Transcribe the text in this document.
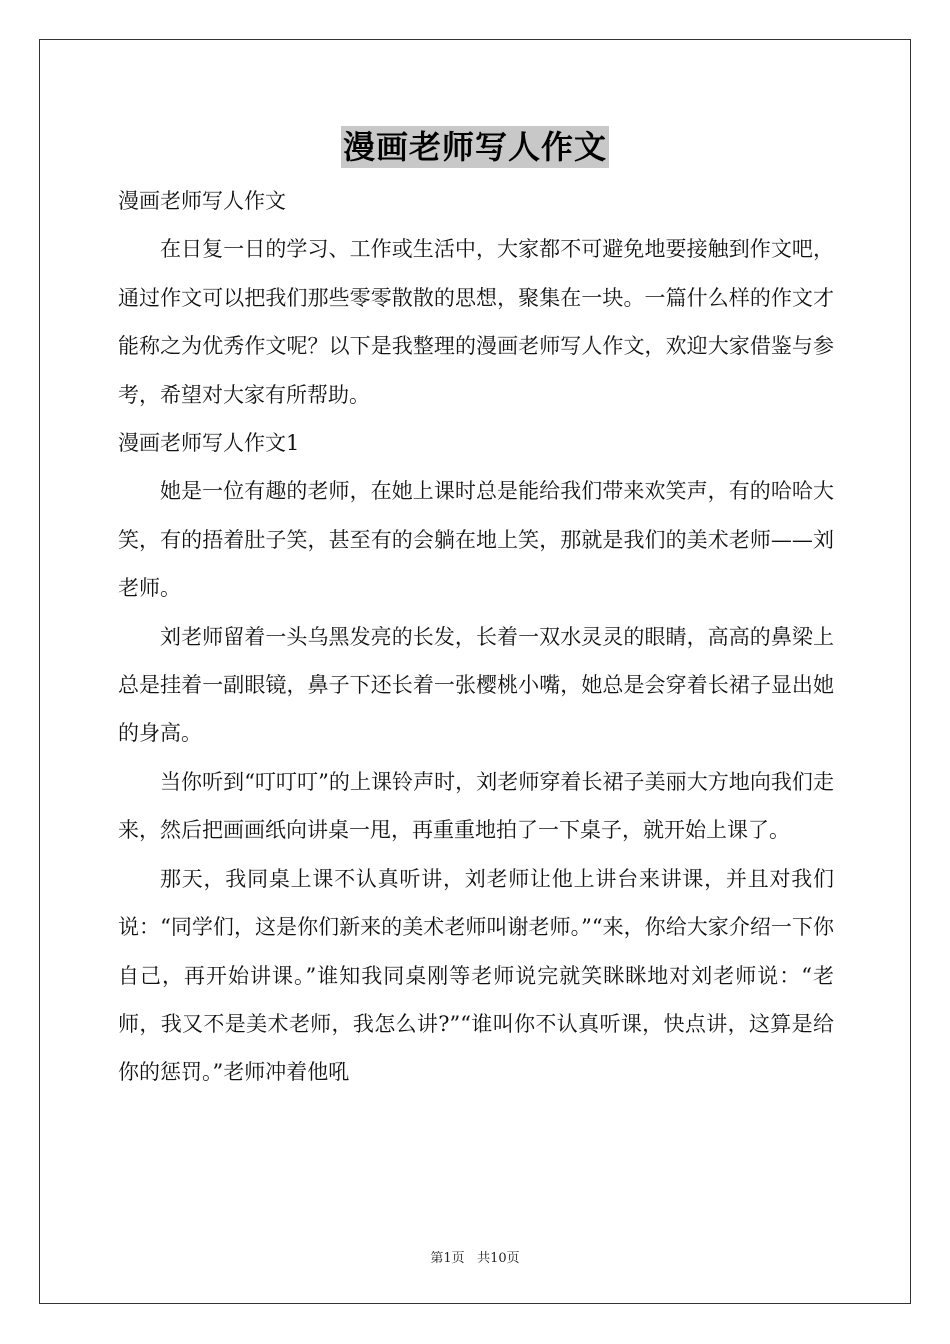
漫画老师写人作文

漫画老师写人作文

在日复一日的学习、工作或生活中，大家都不可避免地要接触到作文吧，通过作文可以把我们那些零零散散的思想，聚集在一块。一篇什么样的作文才能称之为优秀作文呢？以下是我整理的漫画老师写人作文，欢迎大家借鉴与参考，希望对大家有所帮助。

漫画老师写人作文1

她是一位有趣的老师，在她上课时总是能给我们带来欢笑声，有的哈哈大笑，有的捂着肚子笑，甚至有的会躺在地上笑，那就是我们的美术老师——刘老师。

刘老师留着一头乌黑发亮的长发，长着一双水灵灵的眼睛，高高的鼻梁上总是挂着一副眼镜，鼻子下还长着一张樱桃小嘴，她总是会穿着长裙子显出她的身高。

当你听到“叮叮叮”的上课铃声时，刘老师穿着长裙子美丽大方地向我们走来，然后把画画纸向讲桌一甩，再重重地拍了一下桌子，就开始上课了。

那天，我同桌上课不认真听讲，刘老师让他上讲台来讲课，并且对我们说：“同学们，这是你们新来的美术老师叫谢老师。”“来，你给大家介绍一下你自己，再开始讲课。”谁知我同桌刚等老师说完就笑眯眯地对刘老师说：“老师，我又不是美术老师，我怎么讲?”“谁叫你不认真听课，快点讲，这算是给你的惩罚。”老师冲着他吼

第1页 共10页
